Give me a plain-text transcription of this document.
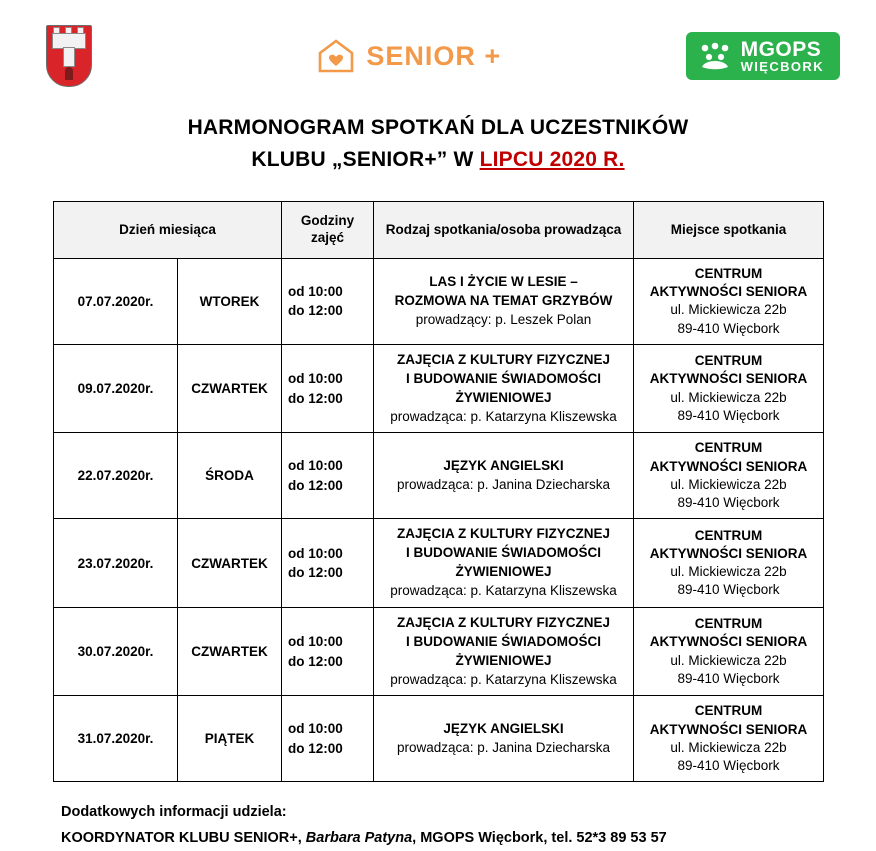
SENIOR +	MGOPS
WIĘCBORK
HARMONOGRAM SPOTKAŃ DLA UCZESTNIKÓW
KLUBU „SENIOR+” W LIPCU 2020 R.
Dzień miesiąca		Godziny
zajęć	Rodzaj spotkania/osoba prowadząca	Miejsce spotkania
07.07.2020r.	WTOREK	
od 10:00
do 12:00

LAS I ŻYCIE W LESIE –
ROZMOWA NA TEMAT GRZYBÓW
prowadzący: p. Leszek Polan

CENTRUM
AKTYWNOŚCI SENIORA
ul. Mickiewicza 22b
89-410 Więcbork

09.07.2020r.	CZWARTEK	
od 10:00
do 12:00

ZAJĘCIA Z KULTURY FIZYCZNEJ
I BUDOWANIE ŚWIADOMOŚCI
ŻYWIENIOWEJ
prowadząca: p. Katarzyna Kliszewska

CENTRUM
AKTYWNOŚCI SENIORA
ul. Mickiewicza 22b
89-410 Więcbork

22.07.2020r.	ŚRODA	
od 10:00
do 12:00

JĘZYK ANGIELSKI
prowadząca: p. Janina Dziecharska

CENTRUM
AKTYWNOŚCI SENIORA
ul. Mickiewicza 22b
89-410 Więcbork

23.07.2020r.	CZWARTEK	
od 10:00
do 12:00

ZAJĘCIA Z KULTURY FIZYCZNEJ
I BUDOWANIE ŚWIADOMOŚCI
ŻYWIENIOWEJ
prowadząca: p. Katarzyna Kliszewska

CENTRUM
AKTYWNOŚCI SENIORA
ul. Mickiewicza 22b
89-410 Więcbork

30.07.2020r.	CZWARTEK	
od 10:00
do 12:00

ZAJĘCIA Z KULTURY FIZYCZNEJ
I BUDOWANIE ŚWIADOMOŚCI
ŻYWIENIOWEJ
prowadząca: p. Katarzyna Kliszewska

CENTRUM
AKTYWNOŚCI SENIORA
ul. Mickiewicza 22b
89-410 Więcbork

31.07.2020r.	PIĄTEK	
od 10:00
do 12:00

JĘZYK ANGIELSKI
prowadząca: p. Janina Dziecharska

CENTRUM
AKTYWNOŚCI SENIORA
ul. Mickiewicza 22b
89-410 Więcbork
Dodatkowych informacji udziela:
KOORDYNATOR KLUBU SENIOR+, Barbara Patyna, MGOPS Więcbork, tel. 52*3 89 53 57
